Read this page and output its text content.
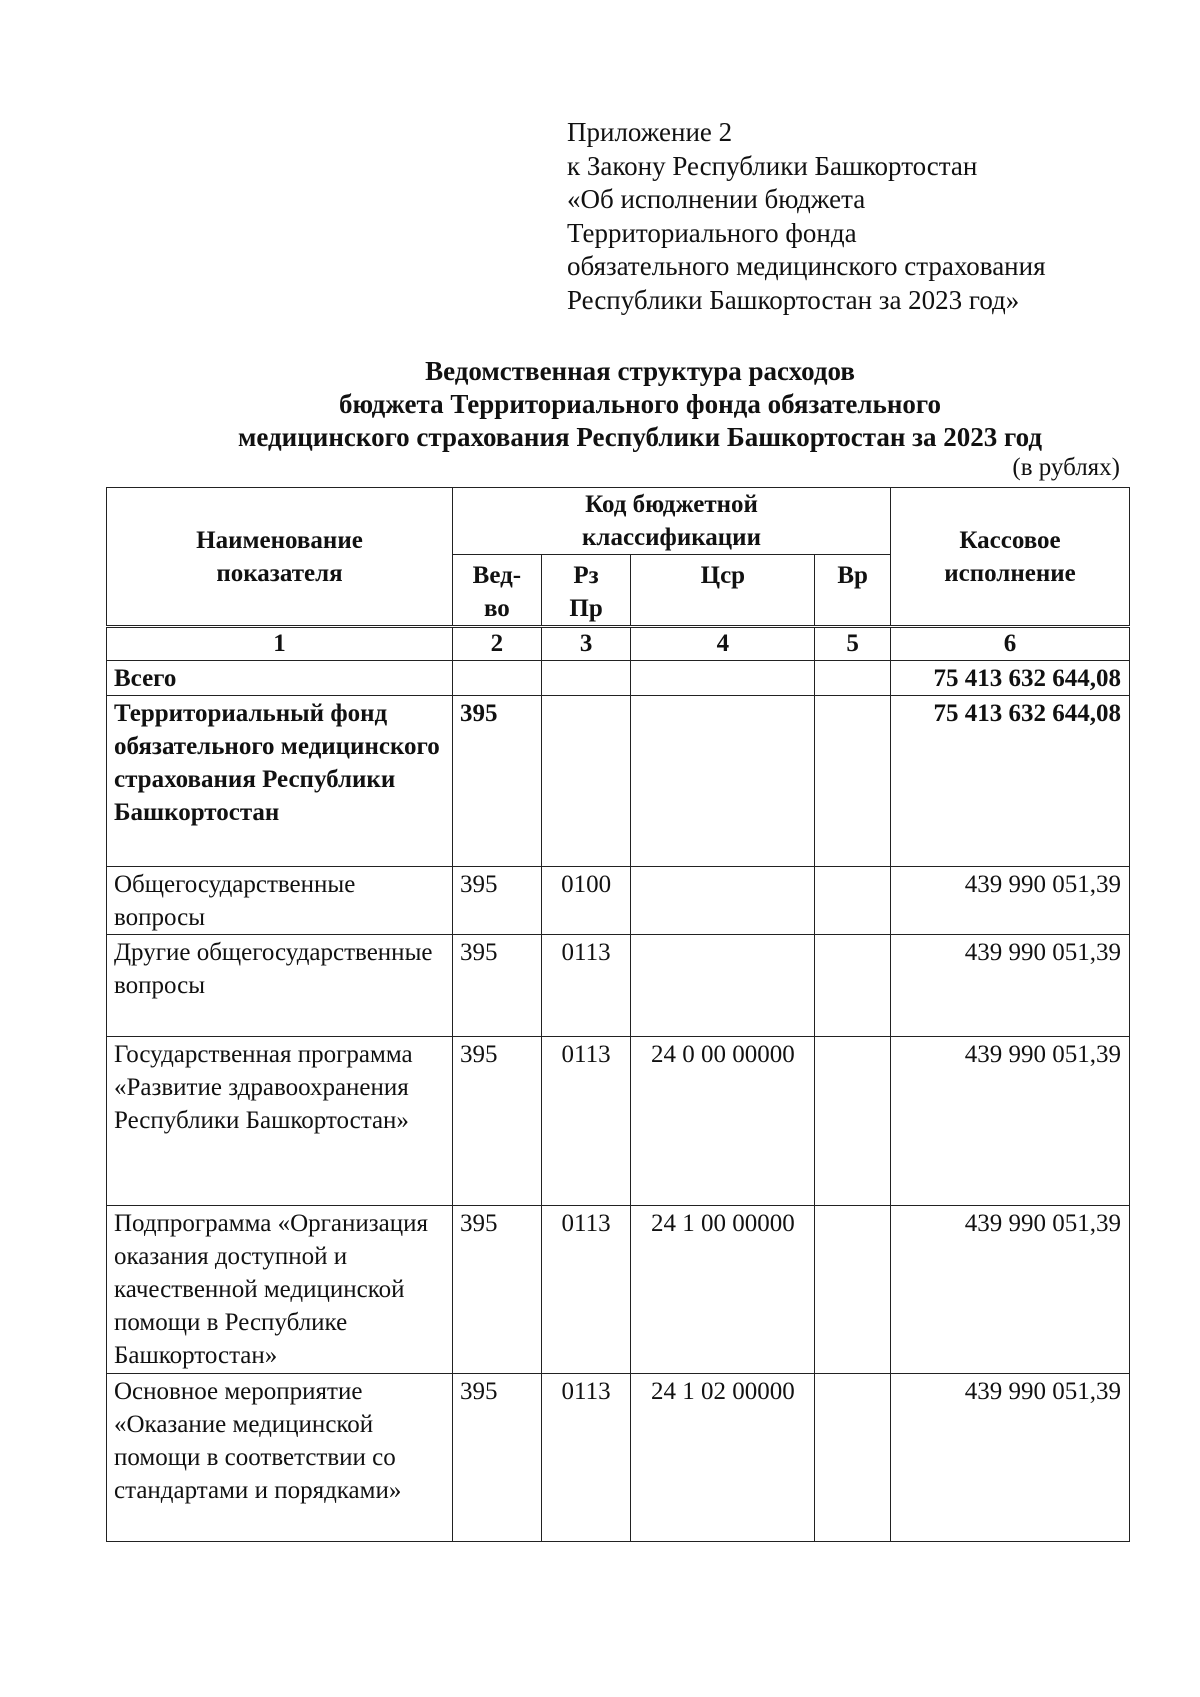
Приложение 2
к Закону Республики Башкортостан
«Об исполнении бюджета
Территориального фонда
обязательного медицинского страхования
Республики Башкортостан за 2023 год»
Ведомственная структура расходов
бюджета Территориального фонда обязательного
медицинского страхования Республики Башкортостан за 2023 год
(в рублях)
Наименование показателя	Код бюджетной классификации				Кассовое исполнение
	Вед-во	Рз Пр	Цср	Вр	
1	2	3	4	5	6
Всего					75 413 632 644,08
Территориальный фонд обязательного медицинского страхования Республики Башкортостан	395				75 413 632 644,08
Общегосударственные вопросы	395	0100			439 990 051,39
Другие общегосударственные вопросы	395	0113			439 990 051,39
Государственная программа «Развитие здравоохранения Республики Башкортостан»	395	0113	24 0 00 00000		439 990 051,39
Подпрограмма «Организация оказания доступной и качественной медицинской помощи в Республике Башкортостан»	395	0113	24 1 00 00000		439 990 051,39
Основное мероприятие «Оказание медицинской помощи в соответствии со стандартами и порядками»	395	0113	24 1 02 00000		439 990 051,39
